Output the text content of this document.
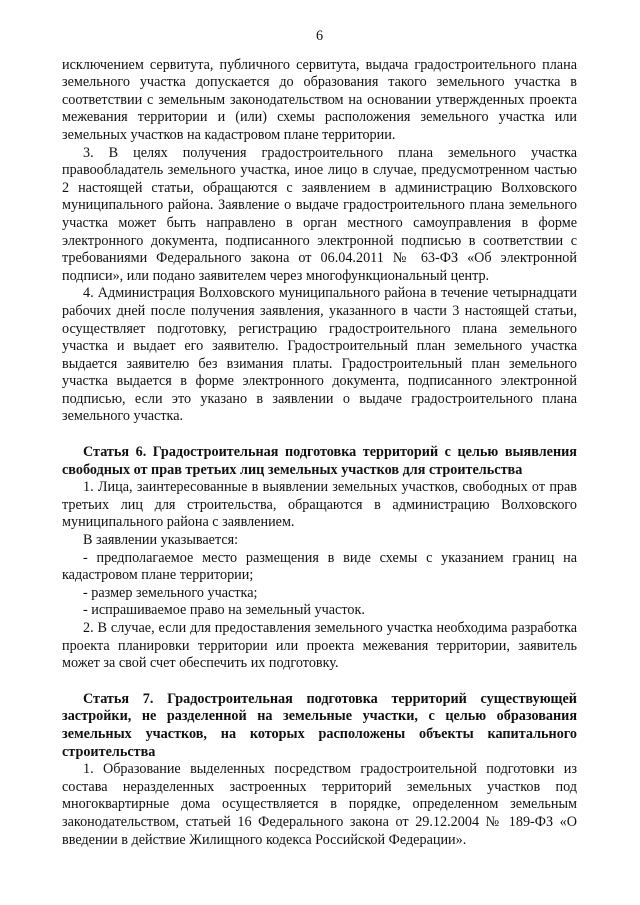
6

исключением сервитута, публичного сервитута, выдача градостроительного плана земельного участка допускается до образования такого земельного участка в соответствии с земельным законодательством на основании утвержденных проекта межевания территории и (или) схемы расположения земельного участка или земельных участков на кадастровом плане территории.

3. В целях получения градостроительного плана земельного участка правообладатель земельного участка, иное лицо в случае, предусмотренном частью 2 настоящей статьи, обращаются с заявлением в администрацию Волховского муниципального района. Заявление о выдаче градостроительного плана земельного участка может быть направлено в орган местного самоуправления в форме электронного документа, подписанного электронной подписью в соответствии с требованиями Федерального закона от 06.04.2011 № 63-ФЗ «Об электронной подписи», или подано заявителем через многофункциональный центр.

4. Администрация Волховского муниципального района в течение четырнадцати рабочих дней после получения заявления, указанного в части 3 настоящей статьи, осуществляет подготовку, регистрацию градостроительного плана земельного участка и выдает его заявителю. Градостроительный план земельного участка выдается заявителю без взимания платы. Градостроительный план земельного участка выдается в форме электронного документа, подписанного электронной подписью, если это указано в заявлении о выдаче градостроительного плана земельного участка.

Статья 6. Градостроительная подготовка территорий с целью выявления свободных от прав третьих лиц земельных участков для строительства

1. Лица, заинтересованные в выявлении земельных участков, свободных от прав третьих лиц для строительства, обращаются в администрацию Волховского муниципального района с заявлением.

В заявлении указывается:

- предполагаемое место размещения в виде схемы с указанием границ на кадастровом плане территории;

- размер земельного участка;

- испрашиваемое право на земельный участок.

2. В случае, если для предоставления земельного участка необходима разработка проекта планировки территории или проекта межевания территории, заявитель может за свой счет обеспечить их подготовку.

Статья 7. Градостроительная подготовка территорий существующей застройки, не разделенной на земельные участки, с целью образования земельных участков, на которых расположены объекты капитального строительства

1. Образование выделенных посредством градостроительной подготовки из состава неразделенных застроенных территорий земельных участков под многоквартирные дома осуществляется в порядке, определенном земельным законодательством, статьей 16 Федерального закона от 29.12.2004 № 189-ФЗ «О введении в действие Жилищного кодекса Российской Федерации».
